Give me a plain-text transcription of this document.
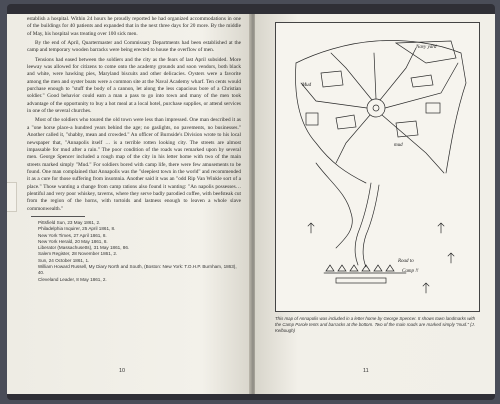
establish a hospital. Within 24 hours he proudly reported he had organized accommodations in one of the buildings for 40 patients and expanded that in the next three days for 20 more. By the middle of May, his hospital was treating over 100 sick men.

By the end of April, Quartermaster and Commissary Departments had been established at the camp and temporary wooden barracks were being erected to house the overflow of men.

Tensions had eased between the soldiers and the city as the fears of last April subsided. More leeway was allowed for citizens to come onto the academy grounds and soon vendors, both black and white, were hawking pies, Maryland biscuits and other delicacies. Oysters were a favorite among the men and oyster boats were a common site at the Naval Academy wharf. Ten cents would purchase enough to "stuff the body of a cannon, let along the less capacious bore of a Christian soldier." Good behavior could earn a man a pass to go into town and many of the men took advantage of the opportunity to buy a hot meal at a local hotel, purchase supplies, or attend services in one of the several churches.

Most of the soldiers who toured the old town were less than impressed. One man described it as a "one horse place-a hundred years behind the age; no gaslights, no pavements, no businesses." Another called it, "shabby, mean and crowded." An officer of Burnside's Division wrote to his local newspaper that, "Annapolis itself … is a terrible rotten looking city. The streets are almost impassable for mud after a rain." The poor condition of the roads was remarked upon by several men. George Spencer included a rough map of the city in his letter home with two of the main streets marked simply "Mud." For soldiers bored with camp life, there were few amusements to be found. One man complained that Annapolis was the "sleepiest town in the world" and recommended it as a cure for those suffering from insomnia. Another said it was an "odd Rip Van Winkle sort of a place." Those wanting a change from camp rations also found it wanting: "An napolis possesses… plentiful and very poor whiskey, taverns, where they serve badly parodied coffee, with beefsteak cut from the region of the horns, with tortoids and lastness enough to leaven a whole slave commonwealth."

Pittsfield Sun, 23 May 1861, 2.
Philadelphia Inquirer, 25 April 1861, 8.
New York Times, 27 April 1861, 8.
New York Herald, 20 May 1861, 8.
Liberator (Massachusetts), 31 May 1861, 86.
Salem Register, 28 November 1861, 2.
Sun, 24 October 1861, 1.
William Howard Russell, My Diary North and South, (Boston: New York: T.O.H.P. Burnham, 1863), 40.
Cleveland Leader, 8 May 1861, 2.
10
Navy yard
Mud
mud
Road to
Camp !!
This map of Annapolis was included in a letter home by George Spencer. It shows town landmarks with the Camp Parole tents and barracks at the bottom. Two of the main roads are marked simply "mud." (J. Kelbough)
11
